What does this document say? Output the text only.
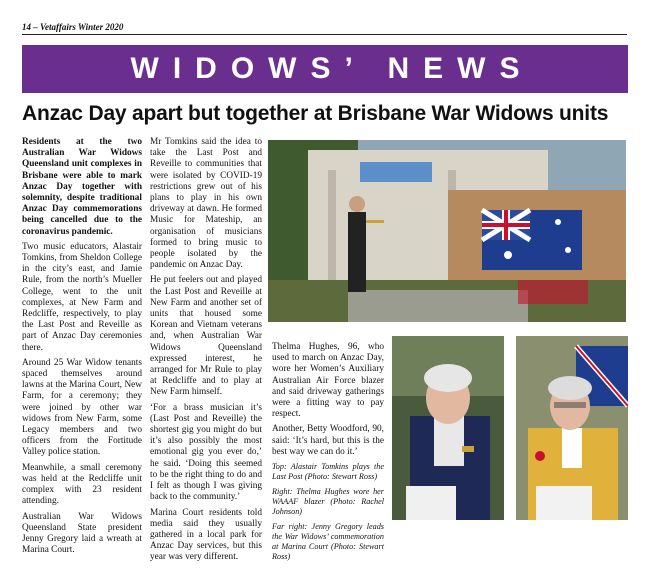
14 – Vetaffairs Winter 2020
WIDOWS’ NEWS
Anzac Day apart but together at Brisbane War Widows units

Residents at the two Australian War Widows Queensland unit complexes in Brisbane were able to mark Anzac Day together with solemnity, despite traditional Anzac Day commemorations being cancelled due to the coronavirus pandemic.

Two music educators, Alastair Tomkins, from Sheldon College in the city’s east, and Jamie Rule, from the north’s Mueller College, went to the unit complexes, at New Farm and Redcliffe, respectively, to play the Last Post and Reveille as part of Anzac Day ceremonies there.

Around 25 War Widow tenants spaced themselves around lawns at the Marina Court, New Farm, for a ceremony; they were joined by other war widows from New Farm, some Legacy members and two officers from the Fortitude Valley police station.

Meanwhile, a small ceremony was held at the Redcliffe unit complex with 23 resident attending.

Australian War Widows Queensland State president Jenny Gregory laid a wreath at Marina Court.

Mr Tomkins said the idea to take the Last Post and Reveille to communities that were isolated by COVID-19 restrictions grew out of his plans to play in his own driveway at dawn. He formed Music for Mateship, an organisation of musicians formed to bring music to people isolated by the pandemic on Anzac Day.

He put feelers out and played the Last Post and Reveille at New Farm and another set of units that housed some Korean and Vietnam veterans and, when Australian War Widows Queensland expressed interest, he arranged for Mr Rule to play at Redcliffe and to play at New Farm himself.

‘For a brass musician it’s (Last Post and Reveille) the shortest gig you might do but it’s also possibly the most emotional gig you ever do,’ he said. ‘Doing this seemed to be the right thing to do and I felt as though I was giving back to the community.’

Marina Court residents told media said they usually gathered in a local park for Anzac Day services, but this year was very different.

Thelma Hughes, 96, who used to march on Anzac Day, wore her Women’s Auxiliary Australian Air Force blazer and said driveway gatherings were a fitting way to pay respect.

Another, Betty Woodford, 90, said: ‘It’s hard, but this is the best way we can do it.’

Top: Alastair Tomkins plays the Last Post (Photo: Stewart Ross)

Right: Thelma Hughes wore her WAAAF blazer (Photo: Rachel Johnson)

Far right: Jenny Gregory leads the War Widows’ commemoration at Marina Court (Photo: Stewart Ross)
